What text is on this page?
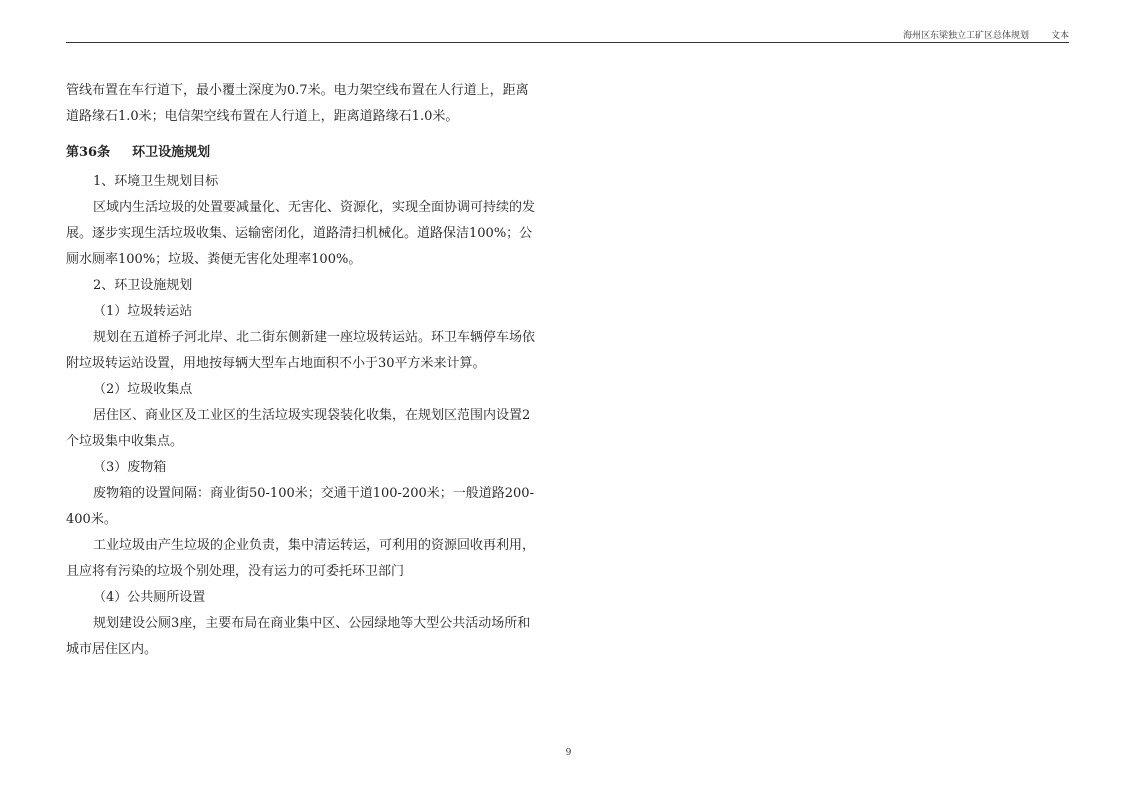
海州区东梁独立工矿区总体规划 文本
管线布置在车行道下，最小覆土深度为0.7米。电力架空线布置在人行道上，距离
道路缘石1.0米；电信架空线布置在人行道上，距离道路缘石1.0米。
第36条 环卫设施规划
1、环境卫生规划目标
区域内生活垃圾的处置要减量化、无害化、资源化，实现全面协调可持续的发
展。逐步实现生活垃圾收集、运输密闭化，道路清扫机械化。道路保洁100%；公
厕水厕率100%；垃圾、粪便无害化处理率100%。
2、环卫设施规划
（1）垃圾转运站
规划在五道桥子河北岸、北二街东侧新建一座垃圾转运站。环卫车辆停车场依
附垃圾转运站设置，用地按每辆大型车占地面积不小于30平方米来计算。
（2）垃圾收集点
居住区、商业区及工业区的生活垃圾实现袋装化收集，在规划区范围内设置2
个垃圾集中收集点。
（3）废物箱
废物箱的设置间隔：商业街50-100米；交通干道100-200米；一般道路200-
400米。
工业垃圾由产生垃圾的企业负责，集中清运转运，可利用的资源回收再利用，
且应将有污染的垃圾个别处理，没有运力的可委托环卫部门
（4）公共厕所设置
规划建设公厕3座，主要布局在商业集中区、公园绿地等大型公共活动场所和
城市居住区内。
9
